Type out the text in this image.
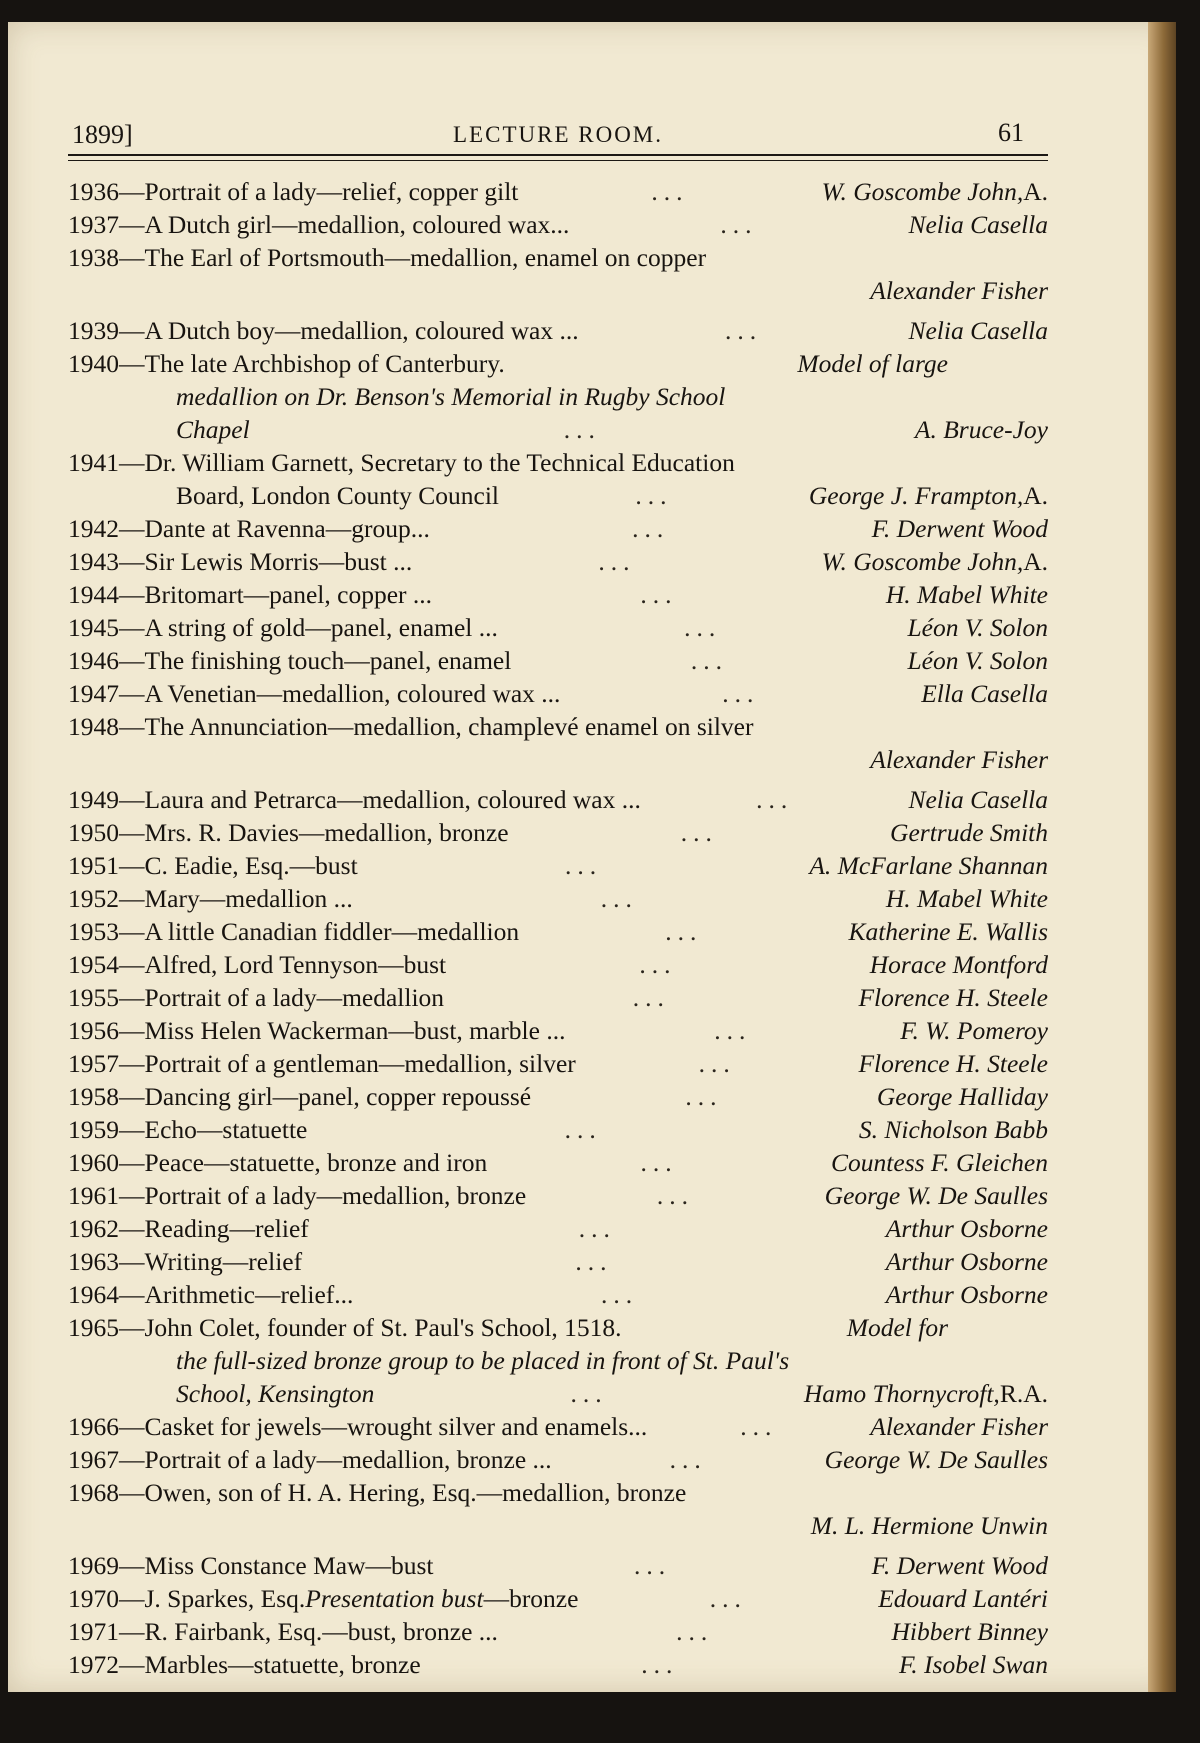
1899]	LECTURE ROOM.	61
1936 — Portrait of a lady—relief, copper gilt	...	W. Goscombe John, A.
1937 — A Dutch girl—medallion, coloured wax...	...	Nelia Casella
1938 — The Earl of Portsmouth—medallion, enamel on copper
Alexander Fisher
1939 — A Dutch boy—medallion, coloured wax ...	...	Nelia Casella
1940 — The late Archbishop of Canterbury.	Model of large
medallion on Dr. Benson's Memorial in Rugby School
Chapel	...	A. Bruce-Joy
1941 — Dr. William Garnett, Secretary to the Technical Education
Board, London County Council	...	George J. Frampton, A.
1942 — Dante at Ravenna—group...	...	F. Derwent Wood
1943 — Sir Lewis Morris—bust ...	...	W. Goscombe John, A.
1944 — Britomart—panel, copper ...	...	H. Mabel White
1945 — A string of gold—panel, enamel ...	...	Léon V. Solon
1946 — The finishing touch—panel, enamel	...	Léon V. Solon
1947 — A Venetian—medallion, coloured wax ...	...	Ella Casella
1948 — The Annunciation—medallion, champlevé enamel on silver
Alexander Fisher
1949 — Laura and Petrarca—medallion, coloured wax ...	...	Nelia Casella
1950 — Mrs. R. Davies—medallion, bronze	...	Gertrude Smith
1951 — C. Eadie, Esq.—bust	...	A. McFarlane Shannan
1952 — Mary—medallion ...	...	H. Mabel White
1953 — A little Canadian fiddler—medallion	...	Katherine E. Wallis
1954 — Alfred, Lord Tennyson—bust	...	Horace Montford
1955 — Portrait of a lady—medallion	...	Florence H. Steele
1956 — Miss Helen Wackerman—bust, marble ...	...	F. W. Pomeroy
1957 — Portrait of a gentleman—medallion, silver	...	Florence H. Steele
1958 — Dancing girl—panel, copper repoussé	...	George Halliday
1959 — Echo—statuette	...	S. Nicholson Babb
1960 — Peace—statuette, bronze and iron	...	Countess F. Gleichen
1961 — Portrait of a lady—medallion, bronze	...	George W. De Saulles
1962 — Reading—relief	...	Arthur Osborne
1963 — Writing—relief	...	Arthur Osborne
1964 — Arithmetic—relief...	...	Arthur Osborne
1965 — John Colet, founder of St. Paul's School, 1518.	Model for
the full-sized bronze group to be placed in front of St. Paul's
School, Kensington	...	Hamo Thornycroft, R.A.
1966 — Casket for jewels—wrought silver and enamels...	...	Alexander Fisher
1967 — Portrait of a lady—medallion, bronze ...	...	George W. De Saulles
1968 — Owen, son of H. A. Hering, Esq.—medallion, bronze
M. L. Hermione Unwin
1969 — Miss Constance Maw—bust	...	F. Derwent Wood
1970 — J. Sparkes, Esq. Presentation bust —bronze	...	Edouard Lantéri
1971 — R. Fairbank, Esq.—bust, bronze ...	...	Hibbert Binney
1972 — Marbles—statuette, bronze	...	F. Isobel Swan
